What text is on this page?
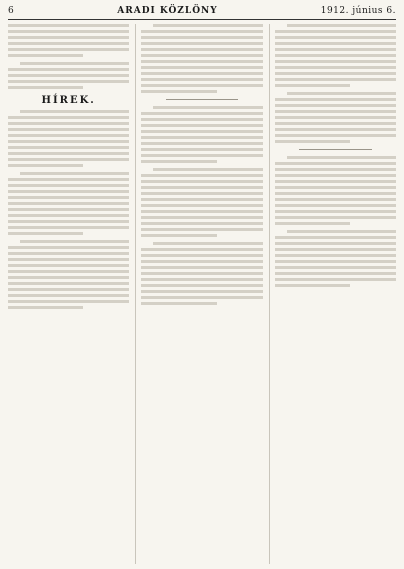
6	ARADI KÖZLÖNY	1912. június 6.
HÍREK.
